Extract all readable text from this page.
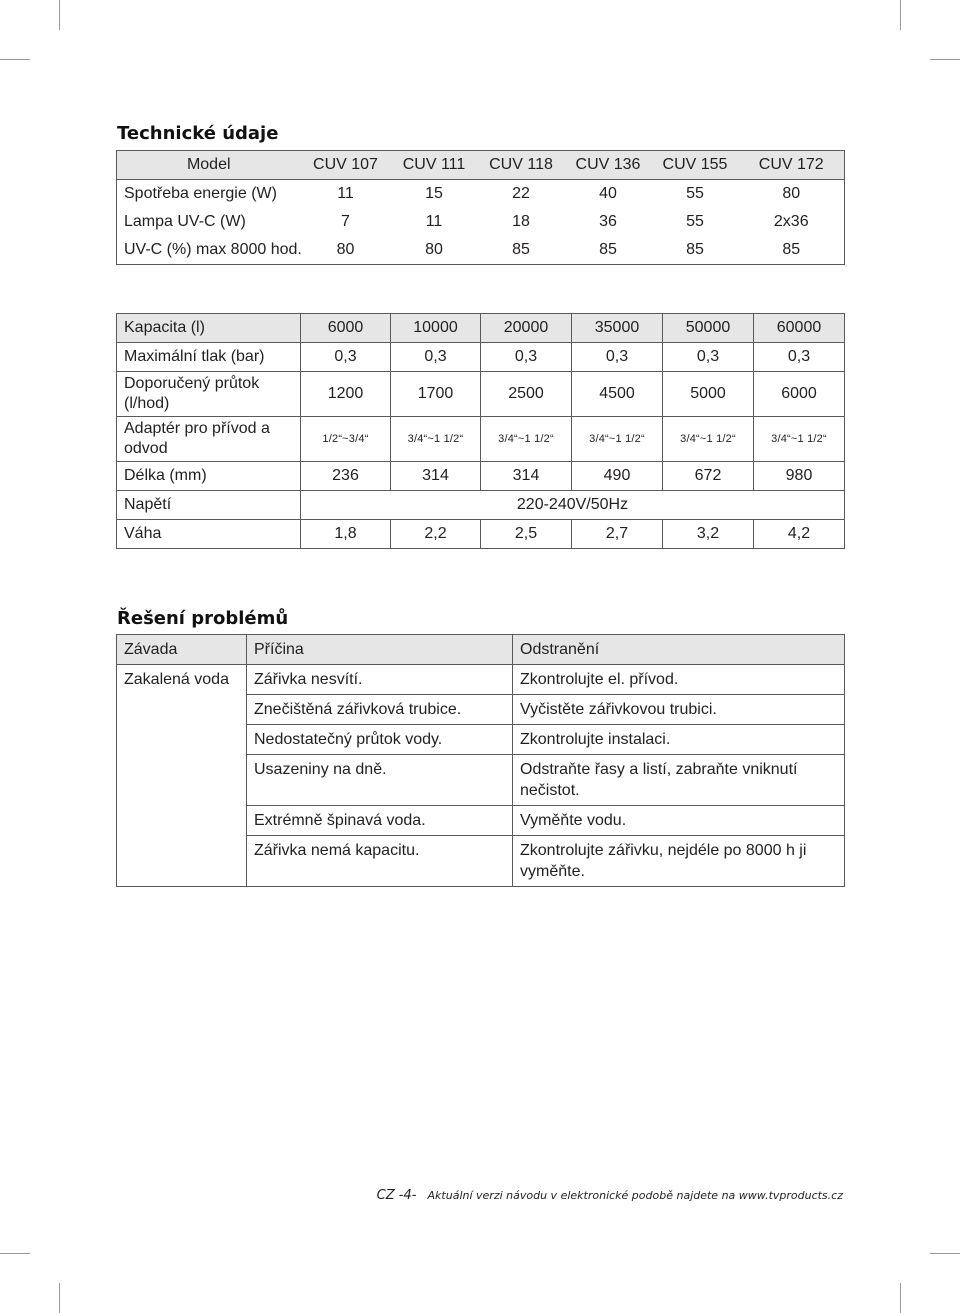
Technické údaje
Model	CUV 107	CUV 111	CUV 118	CUV 136	CUV 155	CUV 172
Spotřeba energie (W)	11	15	22	40	55	80
Lampa UV-C (W)	7	11	18	36	55	2x36
UV-C (%) max 8000 hod.	80	80	85	85	85	85
Kapacita (l)	6000	10000	20000	35000	50000	60000
Maximální tlak (bar)	0,3	0,3	0,3	0,3	0,3	0,3
Doporučený průtok (l/hod)	1200	1700	2500	4500	5000	6000
Adaptér pro přívod a odvod	1/2“~3/4“	3/4“~1 1/2“	3/4“~1 1/2“	3/4“~1 1/2“	3/4“~1 1/2“	3/4“~1 1/2“
Délka (mm)	236	314	314	490	672	980
Napětí	220-240V/50Hz					
Váha	1,8	2,2	2,5	2,7	3,2	4,2
Řešení problémů
Závada	Příčina	Odstranění
Zakalená voda	Zářivka nesvítí.	Zkontrolujte el. přívod.
	Znečištěná zářivková trubice.	Vyčistěte zářivkovou trubici.
	Nedostatečný průtok vody.	Zkontrolujte instalaci.
	Usazeniny na dně.	Odstraňte řasy a listí, zabraňte vniknutí nečistot.
	Extrémně špinavá voda.	Vyměňte vodu.
	Zářivka nemá kapacitu.	Zkontrolujte zářivku, nejdéle po 8000 h ji vyměňte.
CZ -4- Aktuální verzi návodu v elektronické podobě najdete na www.tvproducts.cz
